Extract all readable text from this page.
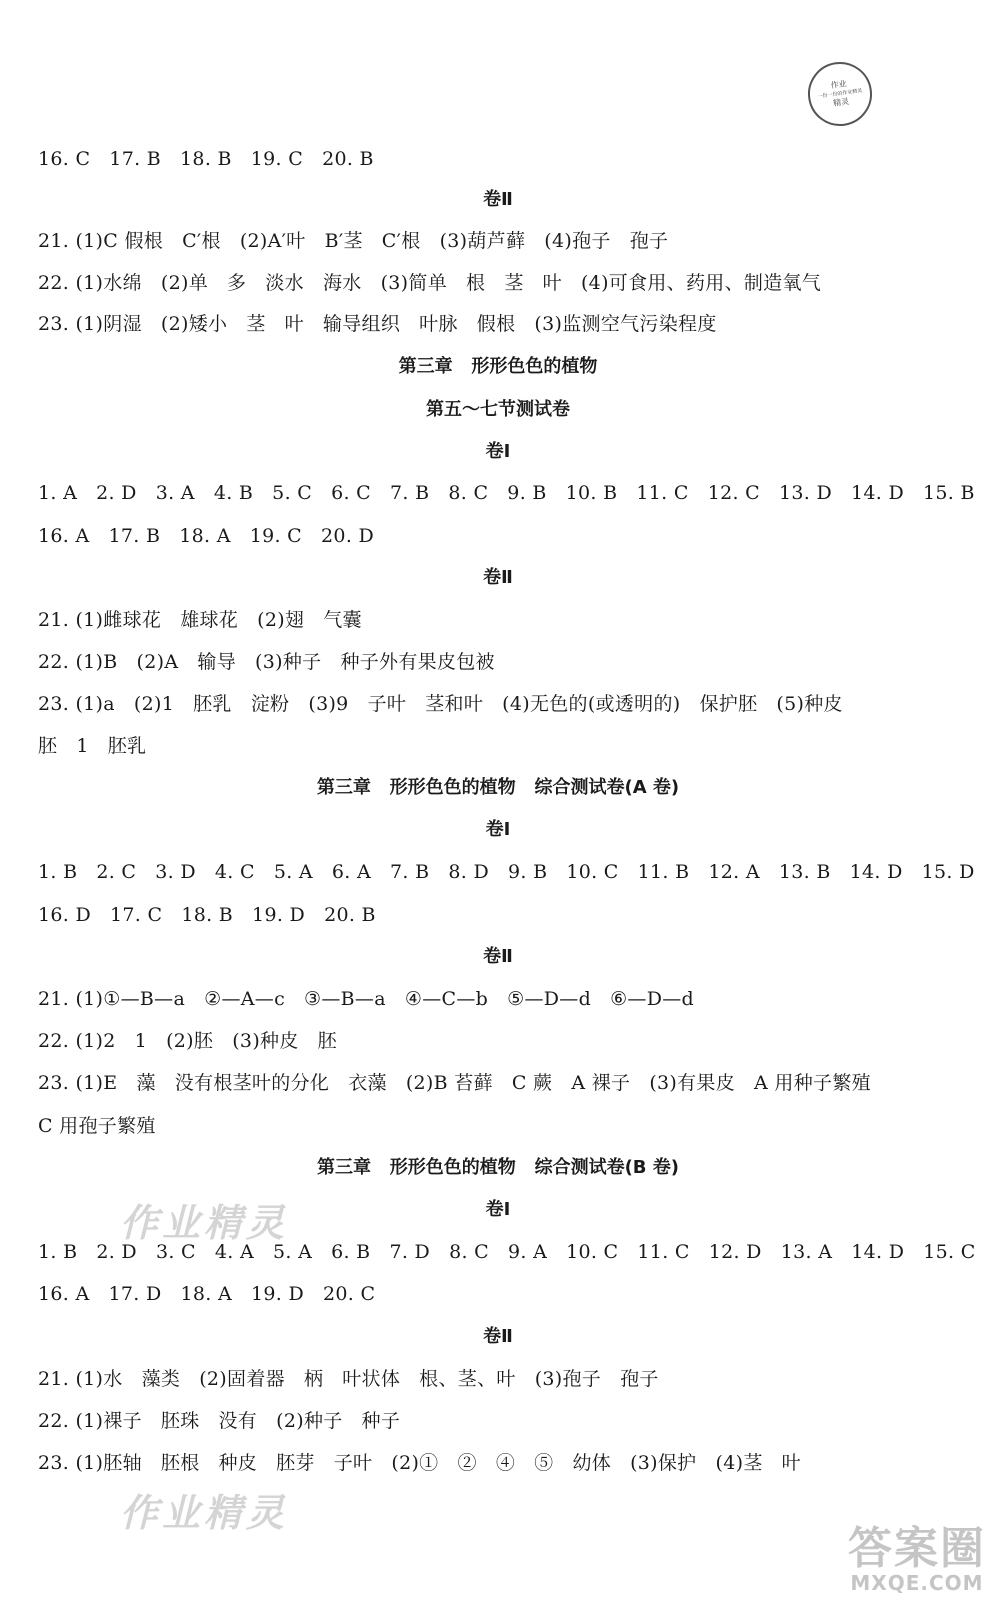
作业
一份一份的作业精灵
精灵
16. C   17. B   18. B   19. C   20. B
卷Ⅱ
21. (1)C 假根   C′根   (2)A′叶   B′茎   C′根   (3)葫芦藓   (4)孢子   孢子
22. (1)水绵   (2)单   多   淡水   海水   (3)简单   根   茎   叶   (4)可食用、药用、制造氧气
23. (1)阴湿   (2)矮小   茎   叶   输导组织   叶脉   假根   (3)监测空气污染程度
第三章   形形色色的植物
第五～七节测试卷
卷Ⅰ
1. A   2. D   3. A   4. B   5. C   6. C   7. B   8. C   9. B   10. B   11. C   12. C   13. D   14. D   15. B
16. A   17. B   18. A   19. C   20. D
卷Ⅱ
21. (1)雌球花   雄球花   (2)翅   气囊
22. (1)B   (2)A   输导   (3)种子   种子外有果皮包被
23. (1)a   (2)1   胚乳   淀粉   (3)9   子叶   茎和叶   (4)无色的(或透明的)   保护胚   (5)种皮
胚   1   胚乳
第三章   形形色色的植物   综合测试卷(A 卷)
卷Ⅰ
1. B   2. C   3. D   4. C   5. A   6. A   7. B   8. D   9. B   10. C   11. B   12. A   13. B   14. D   15. D
16. D   17. C   18. B   19. D   20. B
卷Ⅱ
21. (1)①—B—a   ②—A—c   ③—B—a   ④—C—b   ⑤—D—d   ⑥—D—d
22. (1)2   1   (2)胚   (3)种皮   胚
23. (1)E   藻   没有根茎叶的分化   衣藻   (2)B 苔藓   C 蕨   A 裸子   (3)有果皮   A 用种子繁殖
C 用孢子繁殖
第三章   形形色色的植物   综合测试卷(B 卷)
卷Ⅰ
1. B   2. D   3. C   4. A   5. A   6. B   7. D   8. C   9. A   10. C   11. C   12. D   13. A   14. D   15. C
16. A   17. D   18. A   19. D   20. C
卷Ⅱ
21. (1)水   藻类   (2)固着器   柄   叶状体   根、茎、叶   (3)孢子   孢子
22. (1)裸子   胚珠   没有   (2)种子   种子
23. (1)胚轴   胚根   种皮   胚芽   子叶   (2)①   ②   ④   ⑤   幼体   (3)保护   (4)茎   叶
作业精灵
作业精灵
答案圈
MXQE.COM
